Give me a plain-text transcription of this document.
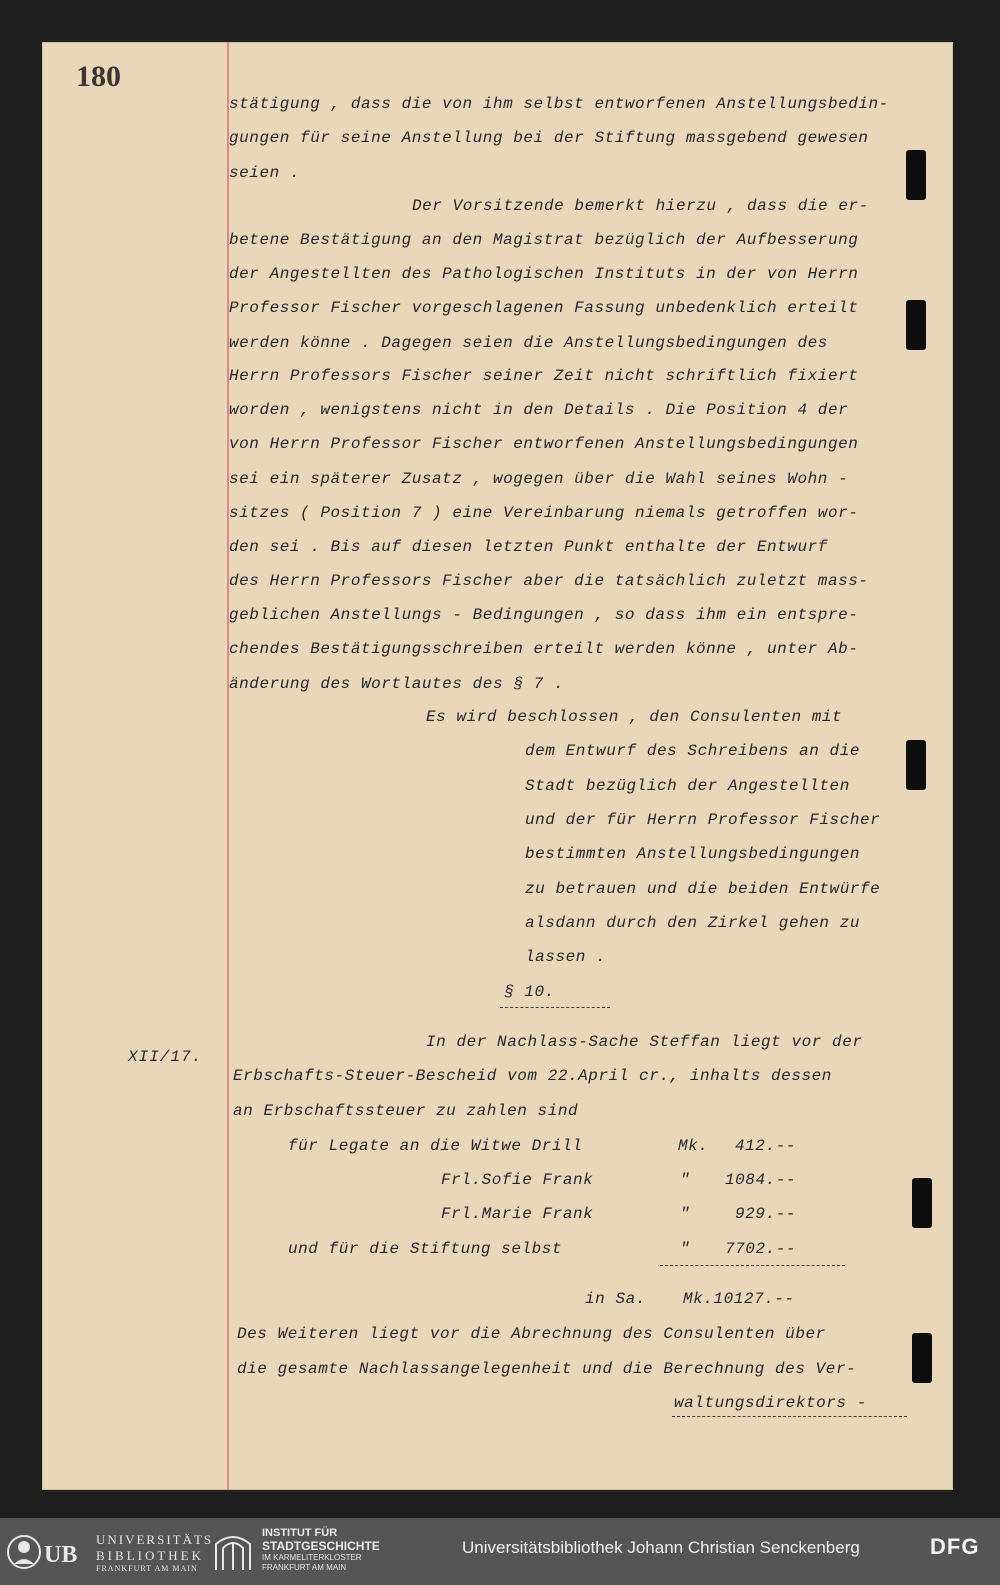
180
XII/17.
stätigung , dass die von ihm selbst entworfenen Anstellungsbedin-
gungen für seine Anstellung bei der Stiftung massgebend gewesen
seien .
Der Vorsitzende bemerkt hierzu , dass die er-
betene Bestätigung an den Magistrat bezüglich der Aufbesserung
der Angestellten des Pathologischen Instituts in der von Herrn
Professor Fischer vorgeschlagenen Fassung unbedenklich erteilt
werden könne . Dagegen seien die Anstellungsbedingungen des
Herrn Professors Fischer seiner Zeit nicht schriftlich fixiert
worden , wenigstens nicht in den Details . Die Position 4 der
von Herrn Professor Fischer entworfenen Anstellungsbedingungen
sei ein späterer Zusatz , wogegen über die Wahl seines Wohn -
sitzes ( Position 7 ) eine Vereinbarung niemals getroffen wor-
den sei . Bis auf diesen letzten Punkt enthalte der Entwurf
des Herrn Professors Fischer aber die tatsächlich zuletzt mass-
geblichen Anstellungs - Bedingungen , so dass ihm ein entspre-
chendes Bestätigungsschreiben erteilt werden könne , unter Ab-
änderung des Wortlautes des § 7 .
Es wird beschlossen , den Consulenten mit
dem Entwurf des Schreibens an die
Stadt bezüglich der Angestellten
und der für Herrn Professor Fischer
bestimmten Anstellungsbedingungen
zu betrauen und die beiden Entwürfe
alsdann durch den Zirkel gehen zu
lassen .
§ 10.
In der Nachlass-Sache Steffan liegt vor der
Erbschafts-Steuer-Bescheid vom 22.April cr., inhalts dessen
an Erbschaftssteuer zu zahlen sind
für Legate an die Witwe Drill	Mk. 412.--
Frl.Sofie Frank	" 1084.--
Frl.Marie Frank	"	929.--
und für die Stiftung selbst	" 7702.--
in Sa. Mk.10127.--
Des Weiteren liegt vor die Abrechnung des Consulenten über
die gesamte Nachlassangelegenheit und die Berechnung des Ver-
waltungsdirektors -
UB
UNIVERSITÄTS
BIBLIOTHEK
FRANKFURT AM MAIN
INSTITUT FÜR
STADTGESCHICHTE
IM KARMELITERKLOSTER
FRANKFURT AM MAIN
Universitätsbibliothek Johann Christian Senckenberg	DFG
